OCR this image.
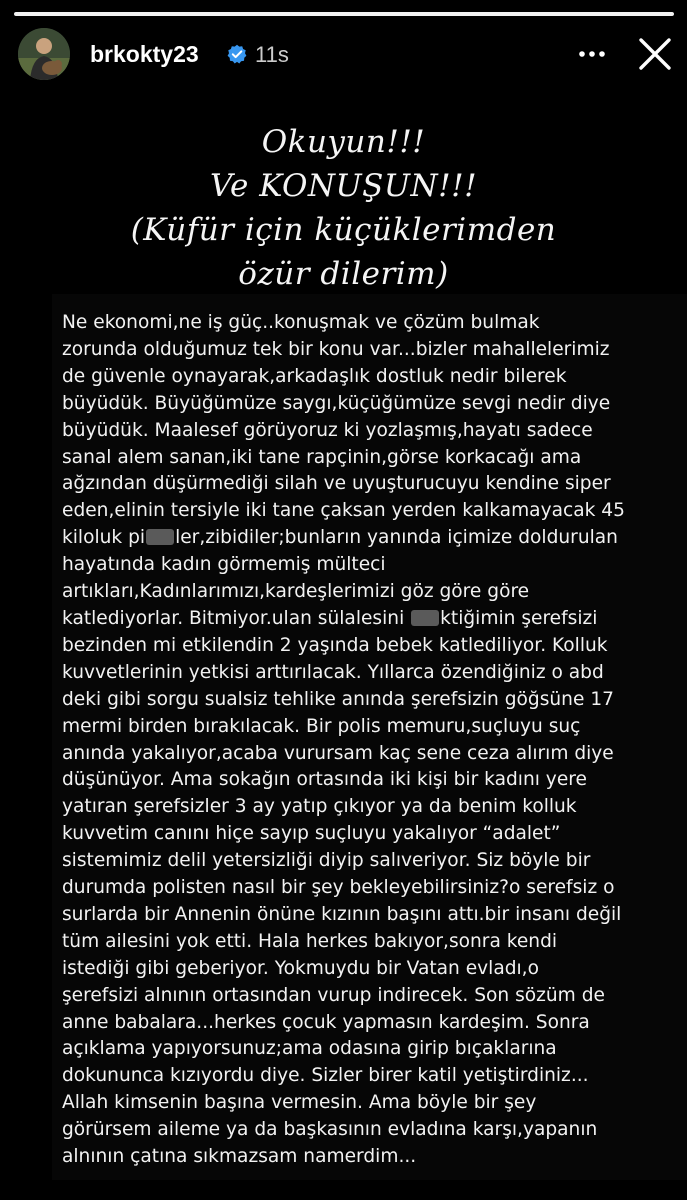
brkokty23	11s
Okuyun!!!
Ve KONUŞUN!!!
(Küfür için küçüklerimden
özür dilerim)
Ne ekonomi,ne iş güç..konuşmak ve çözüm bulmak
zorunda olduğumuz tek bir konu var...bizler mahallelerimiz
de güvenle oynayarak,arkadaşlık dostluk nedir bilerek
büyüdük. Büyüğümüze saygı,küçüğümüze sevgi nedir diye
büyüdük. Maalesef görüyoruz ki yozlaşmış,hayatı sadece
sanal alem sanan,iki tane rapçinin,görse korkacağı ama
ağzından düşürmediği silah ve uyuşturucuyu kendine siper
eden,elinin tersiyle iki tane çaksan yerden kalkamayacak 45
kiloluk pi ler,zibidiler;bunların yanında içimize doldurulan
hayatında kadın görmemiş mülteci
artıkları,Kadınlarımızı,kardeşlerimizi göz göre göre
katlediyorlar. Bitmiyor.ulan sülalesini ktiğimin şerefsizi
bezinden mi etkilendin 2 yaşında bebek katlediliyor. Kolluk
kuvvetlerinin yetkisi arttırılacak. Yıllarca özendiğiniz o abd
deki gibi sorgu sualsiz tehlike anında şerefsizin göğsüne 17
mermi birden bırakılacak. Bir polis memuru,suçluyu suç
anında yakalıyor,acaba vurursam kaç sene ceza alırım diye
düşünüyor. Ama sokağın ortasında iki kişi bir kadını yere
yatıran şerefsizler 3 ay yatıp çıkıyor ya da benim kolluk
kuvvetim canını hiçe sayıp suçluyu yakalıyor “adalet”
sistemimiz delil yetersizliği diyip salıveriyor. Siz böyle bir
durumda polisten nasıl bir şey bekleyebilirsiniz?o serefsiz o
surlarda bir Annenin önüne kızının başını attı.bir insanı değil
tüm ailesini yok etti. Hala herkes bakıyor,sonra kendi
istediği gibi geberiyor. Yokmuydu bir Vatan evladı,o
şerefsizi alnının ortasından vurup indirecek. Son sözüm de
anne babalara...herkes çocuk yapmasın kardeşim. Sonra
açıklama yapıyorsunuz;ama odasına girip bıçaklarına
dokununca kızıyordu diye. Sizler birer katil yetiştirdiniz...
Allah kimsenin başına vermesin. Ama böyle bir şey
görürsem aileme ya da başkasının evladına karşı,yapanın
alnının çatına sıkmazsam namerdim...
